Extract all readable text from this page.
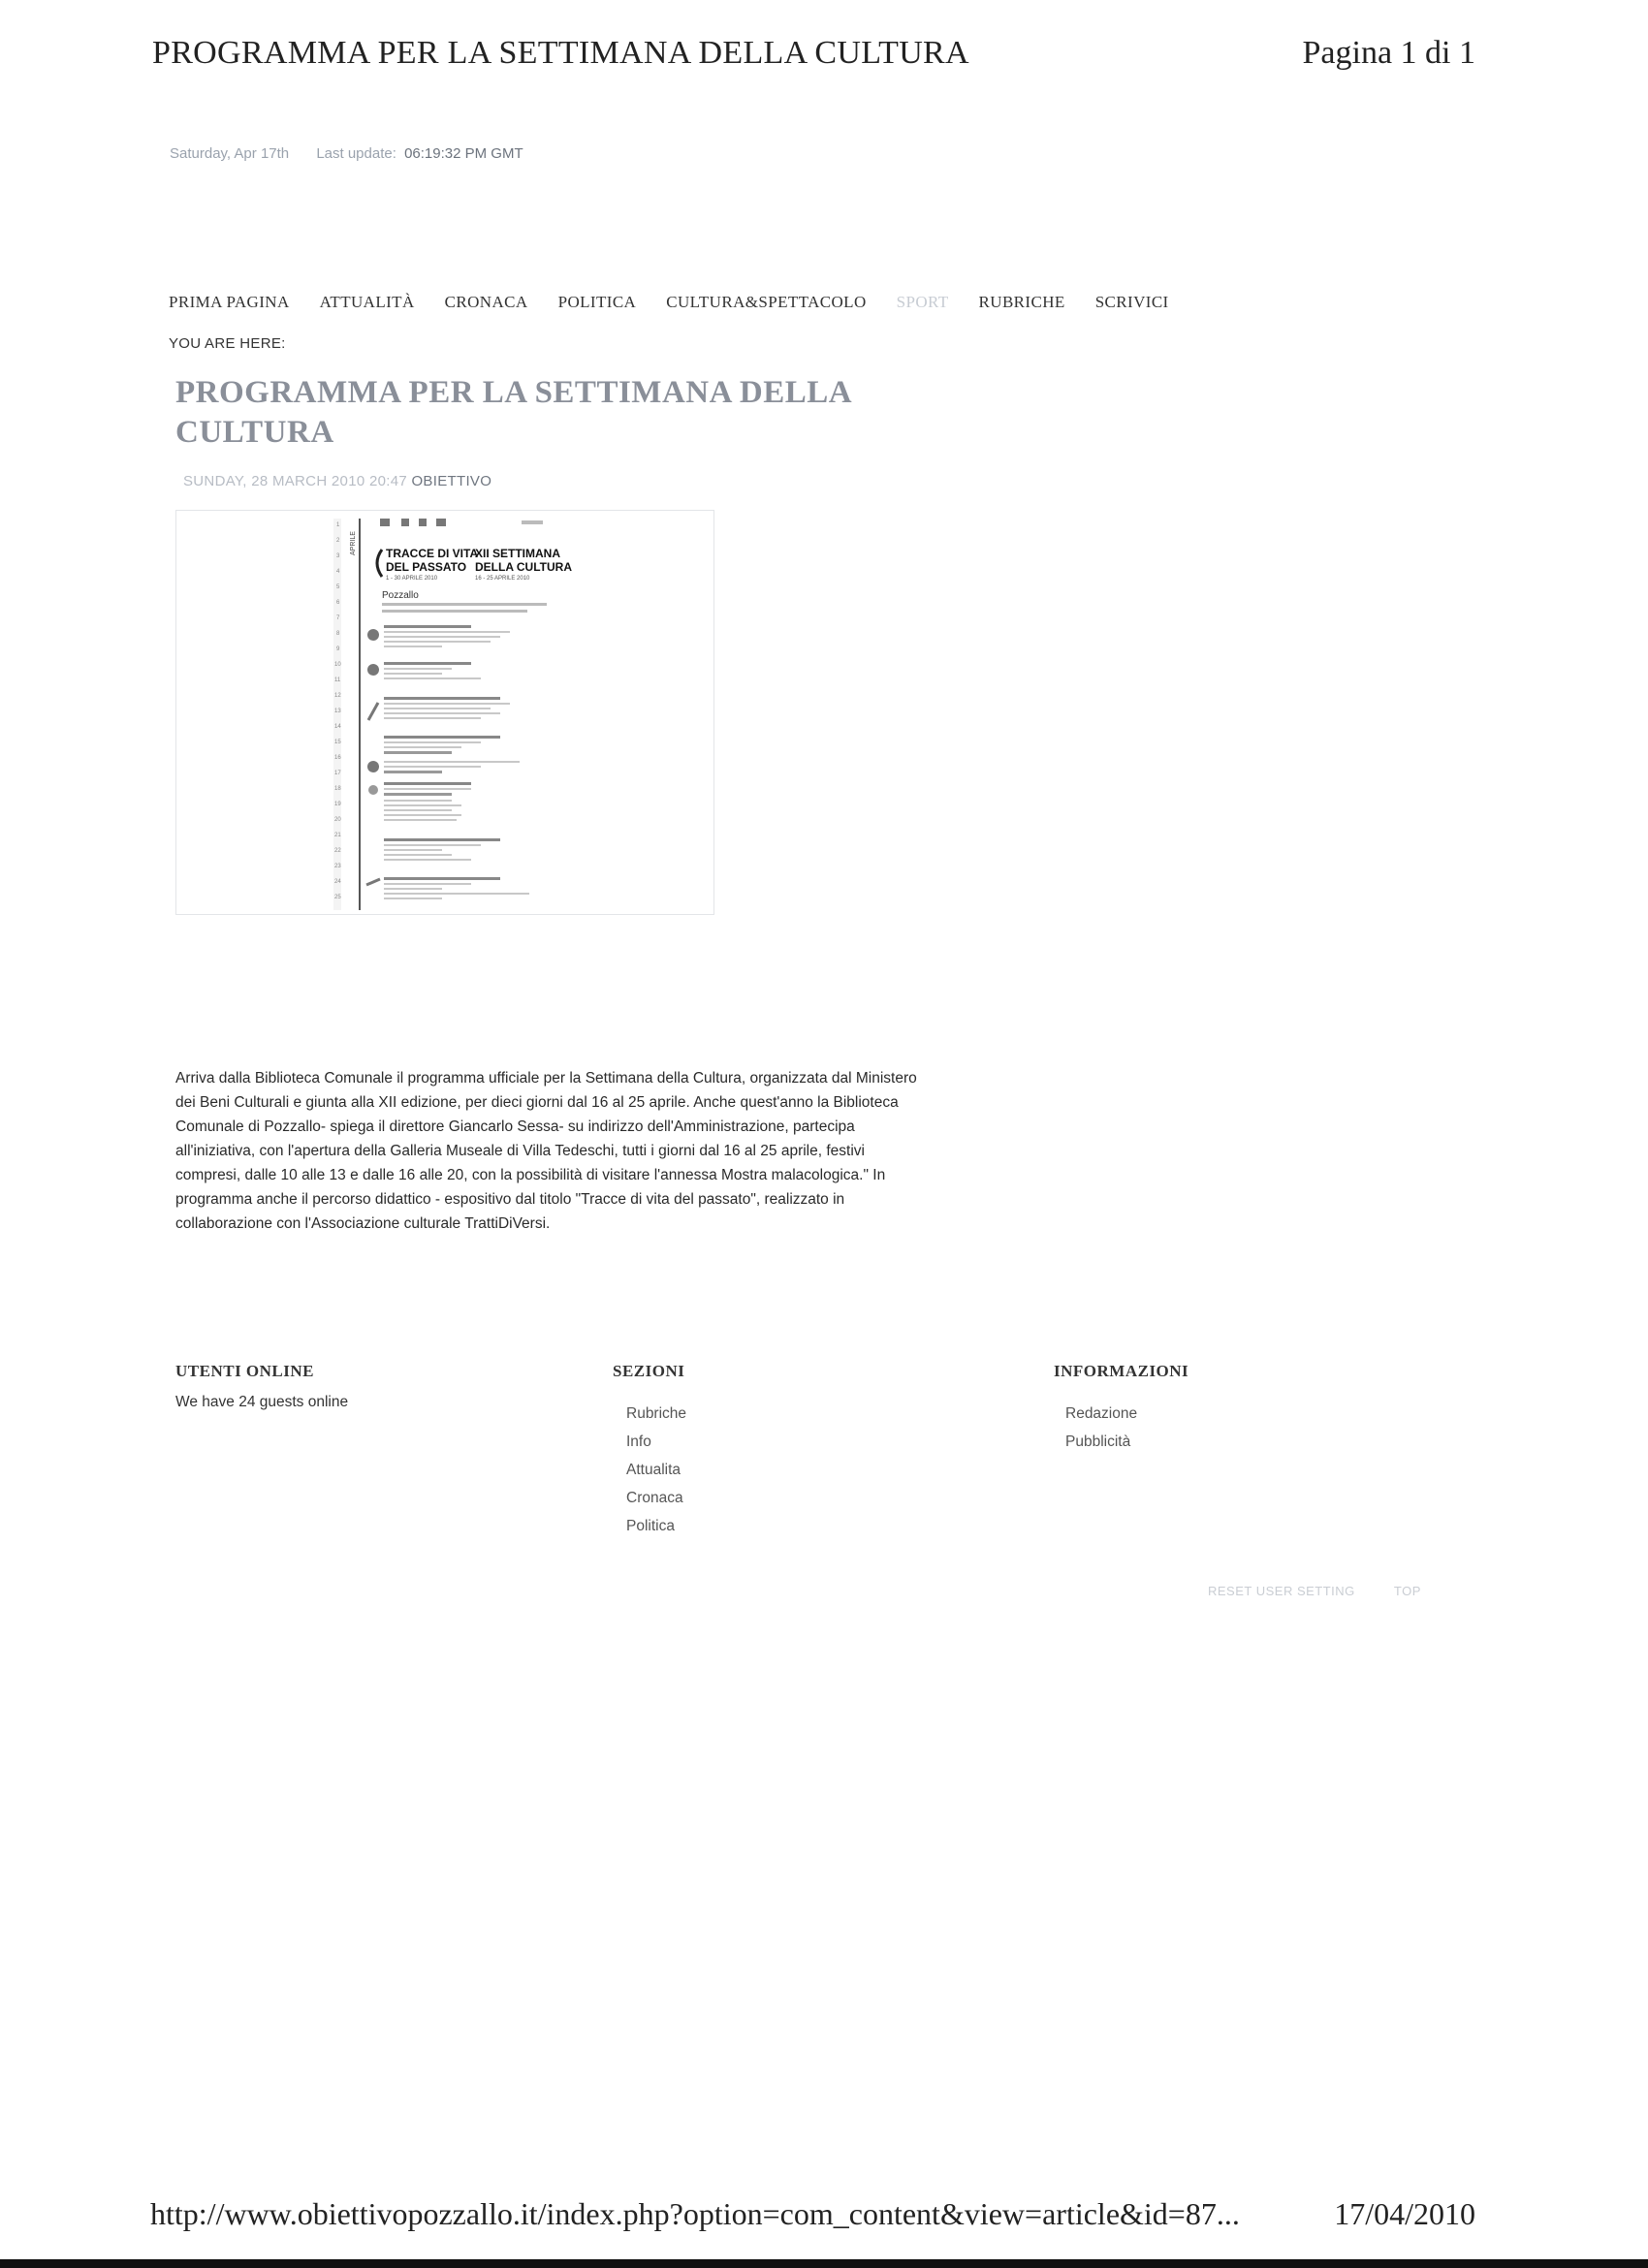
PROGRAMMA PER LA SETTIMANA DELLA CULTURA	Pagina 1 di 1
Saturday, Apr 17th Last update: 06:19:32 PM GMT
PRIMA PAGINA ATTUALITÀ CRONACA POLITICA CULTURA&SPETTACOLO SPORT RUBRICHE SCRIVICI
YOU ARE HERE:
PROGRAMMA PER LA SETTIMANA DELLA CULTURA
SUNDAY, 28 MARCH 2010 20:47 OBIETTIVO
APRILE
1
2
3
4
5
6
7
8
9
10
11
12
13
14
15
16
17
18
19
20
21
22
23
24
25
TRACCE DI VITA
DEL PASSATO
1 - 30 APRILE 2010
XII SETTIMANA
DELLA CULTURA
16 - 25 APRILE 2010
Pozzallo
Arriva dalla Biblioteca Comunale il programma ufficiale per la Settimana della Cultura, organizzata dal Ministero dei Beni Culturali e giunta alla XII edizione, per dieci giorni dal 16 al 25 aprile. Anche quest'anno la Biblioteca Comunale di Pozzallo- spiega il direttore Giancarlo Sessa- su indirizzo dell'Amministrazione, partecipa all'iniziativa, con l'apertura della Galleria Museale di Villa Tedeschi, tutti i giorni dal 16 al 25 aprile, festivi compresi, dalle 10 alle 13 e dalle 16 alle 20, con la possibilità di visitare l'annessa Mostra malacologica." In programma anche il percorso didattico - espositivo dal titolo "Tracce di vita del passato", realizzato in collaborazione con l'Associazione culturale TrattiDiVersi.
UTENTI ONLINE
We have 24 guests online
SEZIONI
Rubriche
Info
Attualita
Cronaca
Politica
INFORMAZIONI
Redazione
Pubblicità
RESET USER SETTING	TOP
http://www.obiettivopozzallo.it/index.php?option=com_content&view=article&id=87...	17/04/2010
